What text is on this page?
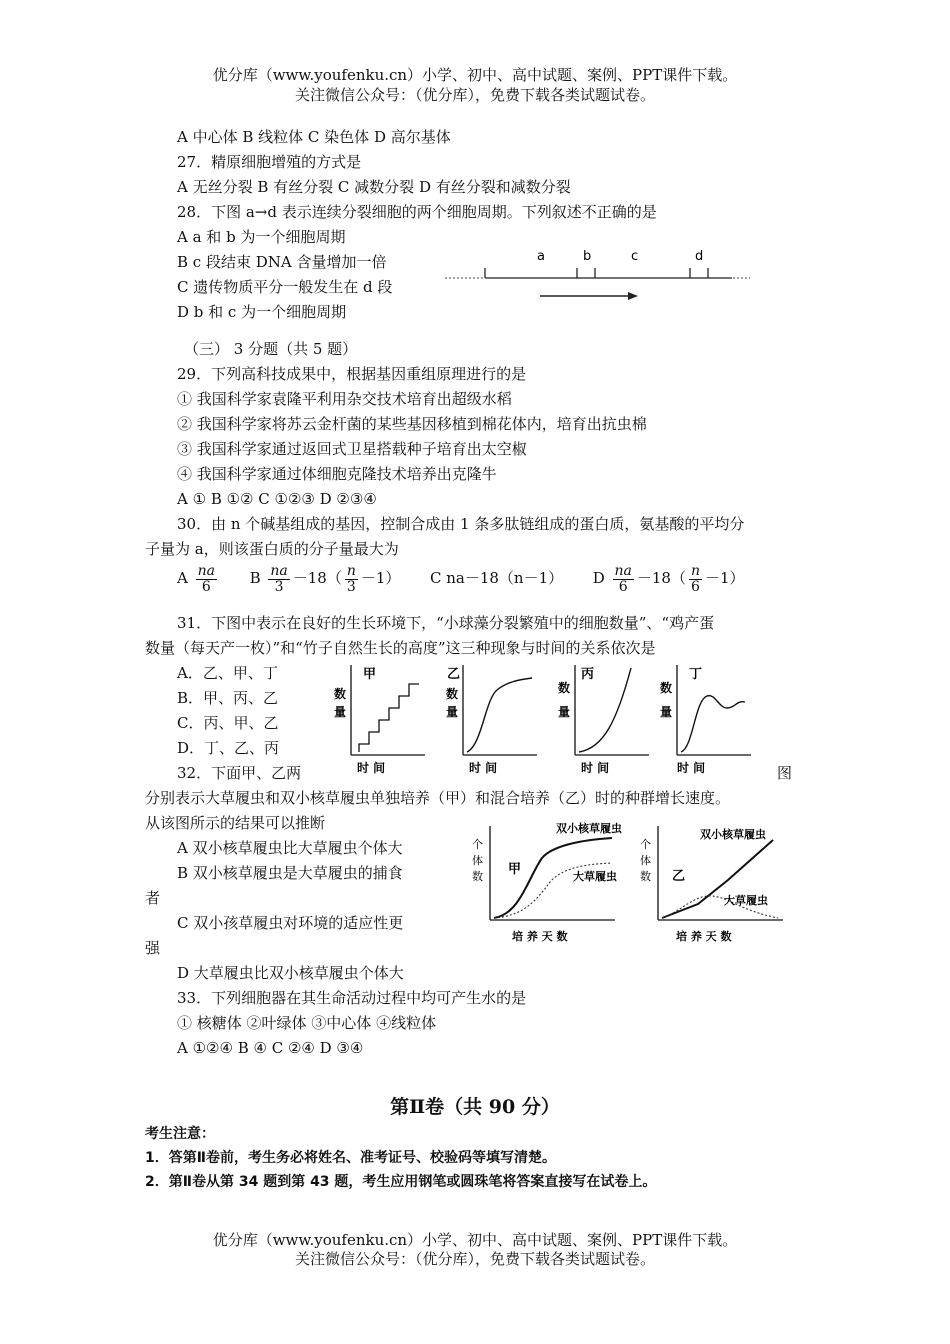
优分库（www.youfenku.cn）小学、初中、高中试题、案例、PPT课件下载。
关注微信公众号：（优分库），免费下载各类试题试卷。
A 中心体 B 线粒体 C 染色体 D 高尔基体
27．精原细胞增殖的方式是
A 无丝分裂 B 有丝分裂 C 减数分裂 D 有丝分裂和减数分裂
28．下图 a→d 表示连续分裂细胞的两个细胞周期。下列叙述不正确的是
A a 和 b 为一个细胞周期
B c 段结束 DNA 含量增加一倍
C 遗传物质平分一般发生在 d 段
D b 和 c 为一个细胞周期
a	b	c	d
（三） 3 分题（共 5 题）
29．下列高科技成果中，根据基因重组原理进行的是
① 我国科学家袁隆平利用杂交技术培育出超级水稻
② 我国科学家将苏云金杆菌的某些基因移植到棉花体内，培育出抗虫棉
③ 我国科学家通过返回式卫星搭载种子培育出太空椒
④ 我国科学家通过体细胞克隆技术培养出克隆牛
A ① B ①② C ①②③ D ②③④
30．由 n 个碱基组成的基因，控制合成由 1 条多肽链组成的蛋白质，氨基酸的平均分
子量为 a，则该蛋白质的分子量最大为
A $\frac{na}{6}$ B $\frac{na}{3} -18( \frac{n}{3} -1)$ C na－18（n－1） D $\frac{na}{6} -18( \frac{n}{6} -1)$
31．下图中表示在良好的生长环境下，“小球藻分裂繁殖中的细胞数量”、“鸡产蛋
数量（每天产一枚）”和“竹子自然生长的高度”这三种现象与时间的关系依次是
A．乙、甲、丁
B．甲、丙、乙
C．丙、甲、乙
D．丁、乙、丙
甲
数
量
时 间
乙
数
量
时 间
丙
数
量
时 间
丁
数
量
时 间
32．下面甲、乙两	图
分别表示大草履虫和双小核草履虫单独培养（甲）和混合培养（乙）时的种群增长速度。
从该图所示的结果可以推断
A 双小核草履虫比大草履虫个体大
B 双小核草履虫是大草履虫的捕食
者
C 双小孩草履虫对环境的适应性更
强
D 大草履虫比双小核草履虫个体大
个
体
数 甲
双小核草履虫
大草履虫
培 养 天 数
个
体
数 乙
双小核草履虫
大草履虫
培 养 天 数
33．下列细胞器在其生命活动过程中均可产生水的是
① 核糖体 ②叶绿体 ③中心体 ④线粒体
A ①②④ B ④ C ②④ D ③④
第Ⅱ卷（共 90 分）
考生注意：
1．答第Ⅱ卷前，考生务必将姓名、准考证号、校验码等填写清楚。
2．第Ⅱ卷从第 34 题到第 43 题，考生应用钢笔或圆珠笔将答案直接写在试卷上。
优分库（www.youfenku.cn）小学、初中、高中试题、案例、PPT课件下载。
关注微信公众号：（优分库），免费下载各类试题试卷。
